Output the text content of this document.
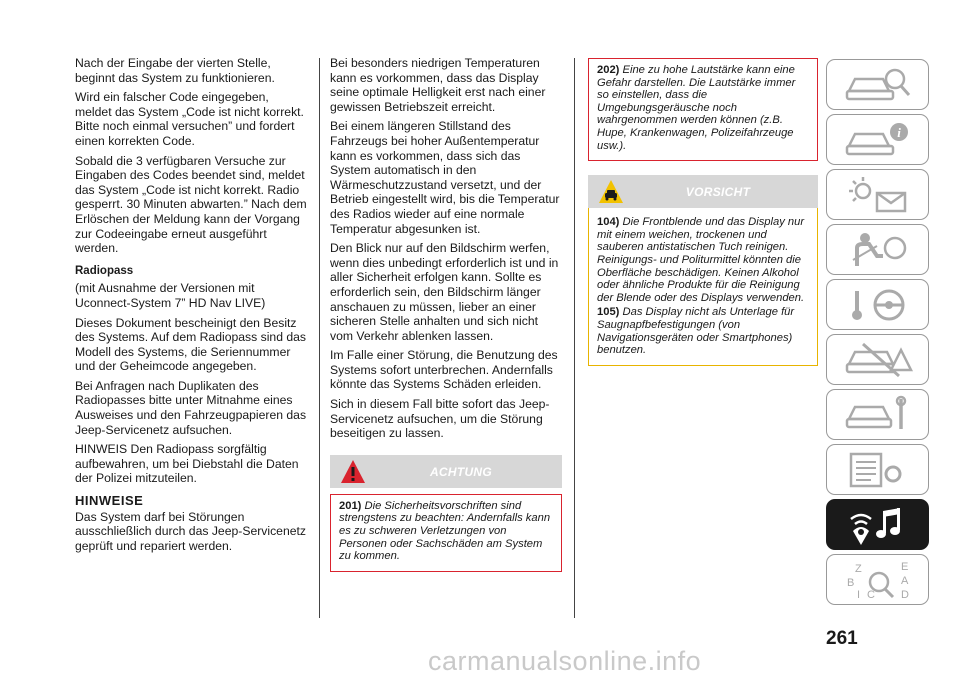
Nach der Eingabe der vierten Stelle, beginnt das System zu funktionieren.

Wird ein falscher Code eingegeben, meldet das System „Code ist nicht korrekt. Bitte noch einmal versuchen” und fordert einen korrekten Code.

Sobald die 3 verfügbaren Versuche zur Eingaben des Codes beendet sind, meldet das System „Code ist nicht korrekt. Radio gesperrt. 30 Minuten abwarten.” Nach dem Erlöschen der Meldung kann der Vorgang zur Codeeingabe erneut ausgeführt werden.

Radiopass

(mit Ausnahme der Versionen mit Uconnect-System 7” HD Nav LIVE)

Dieses Dokument bescheinigt den Besitz des Systems. Auf dem Radiopass sind das Modell des Systems, die Seriennummer und der Geheimcode angegeben.

Bei Anfragen nach Duplikaten des Radiopasses bitte unter Mitnahme eines Ausweises und den Fahrzeugpapieren das Jeep-Servicenetz aufsuchen.

HINWEIS Den Radiopass sorgfältig aufbewahren, um bei Diebstahl die Daten der Polizei mitzuteilen.

HINWEISE

Das System darf bei Störungen ausschließlich durch das Jeep-Servicenetz geprüft und repariert werden.

Bei besonders niedrigen Temperaturen kann es vorkommen, dass das Display seine optimale Helligkeit erst nach einer gewissen Betriebszeit erreicht.

Bei einem längeren Stillstand des Fahrzeugs bei hoher Außentemperatur kann es vorkommen, dass sich das System automatisch in den Wärmeschutzzustand versetzt, und der Betrieb eingestellt wird, bis die Temperatur des Radios wieder auf eine normale Temperatur abgesunken ist.

Den Blick nur auf den Bildschirm werfen, wenn dies unbedingt erforderlich ist und in aller Sicherheit erfolgen kann. Sollte es erforderlich sein, den Bildschirm länger anschauen zu müssen, lieber an einer sicheren Stelle anhalten und sich nicht vom Verkehr ablenken lassen.

Im Falle einer Störung, die Benutzung des Systems sofort unterbrechen. Andernfalls könnte das Systems Schäden erleiden.

Sich in diesem Fall bitte sofort das Jeep-Servicenetz aufsuchen, um die Störung beseitigen zu lassen.

ACHTUNG

201) Die Sicherheitsvorschriften sind strengstens zu beachten: Andernfalls kann es zu schweren Verletzungen von Personen oder Sachschäden am System zu kommen.

202) Eine zu hohe Lautstärke kann eine Gefahr darstellen. Die Lautstärke immer so einstellen, dass die Umgebungsgeräusche noch wahrgenommen werden können (z.B. Hupe, Krankenwagen, Polizeifahrzeuge usw.).

VORSICHT

104) Die Frontblende und das Display nur mit einem weichen, trockenen und sauberen antistatischen Tuch reinigen. Reinigungs- und Politurmittel könnten die Oberfläche beschädigen. Keinen Alkohol oder ähnliche Produkte für die Reinigung der Blende oder des Displays verwenden.

105) Das Display nicht als Unterlage für Saugnapfbefestigungen (von Navigationsgeräten oder Smartphones) benutzen.

i
Z	E
A
B
C D
I
261
carmanualsonline.info
